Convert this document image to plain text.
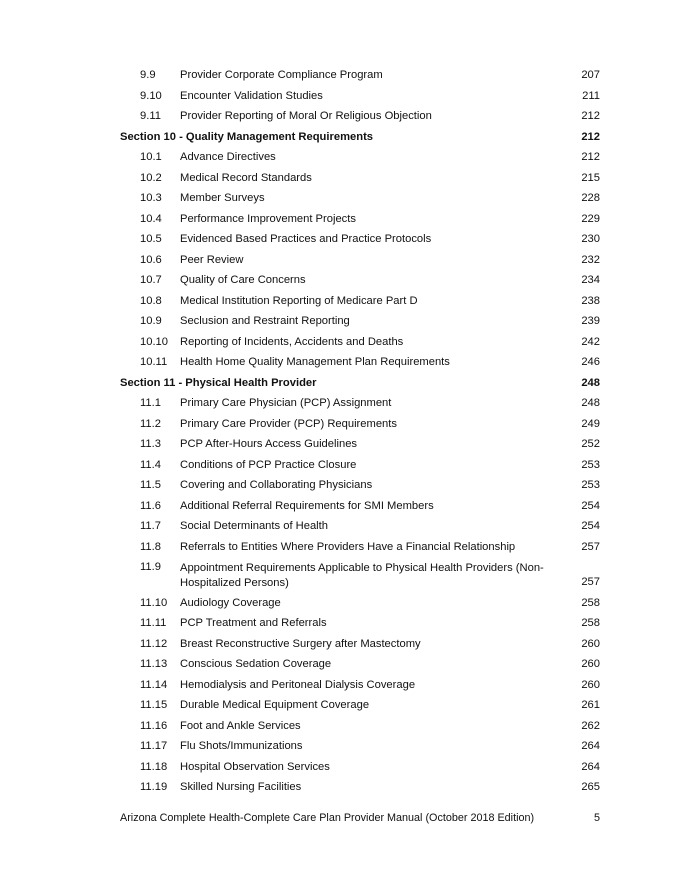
9.9 Provider Corporate Compliance Program	207
9.10 Encounter Validation Studies	211
9.11 Provider Reporting of Moral Or Religious Objection	212
Section 10 - Quality Management Requirements	212
10.1 Advance Directives	212
10.2 Medical Record Standards	215
10.3 Member Surveys	228
10.4 Performance Improvement Projects	229
10.5 Evidenced Based Practices and Practice Protocols	230
10.6 Peer Review	232
10.7 Quality of Care Concerns	234
10.8 Medical Institution Reporting of Medicare Part D	238
10.9 Seclusion and Restraint Reporting	239
10.10 Reporting of Incidents, Accidents and Deaths	242
10.11 Health Home Quality Management Plan Requirements	246
Section 11 - Physical Health Provider	248
11.1 Primary Care Physician (PCP) Assignment	248
11.2 Primary Care Provider (PCP) Requirements	249
11.3 PCP After-Hours Access Guidelines	252
11.4 Conditions of PCP Practice Closure	253
11.5 Covering and Collaborating Physicians	253
11.6 Additional Referral Requirements for SMI Members	254
11.7 Social Determinants of Health	254
11.8 Referrals to Entities Where Providers Have a Financial Relationship	257
11.9 Appointment Requirements Applicable to Physical Health Providers (Non-Hospitalized Persons)	257
11.10 Audiology Coverage	258
11.11 PCP Treatment and Referrals	258
11.12 Breast Reconstructive Surgery after Mastectomy	260
11.13 Conscious Sedation Coverage	260
11.14 Hemodialysis and Peritoneal Dialysis Coverage	260
11.15 Durable Medical Equipment Coverage	261
11.16 Foot and Ankle Services	262
11.17 Flu Shots/Immunizations	264
11.18 Hospital Observation Services	264
11.19 Skilled Nursing Facilities	265
Arizona Complete Health-Complete Care Plan Provider Manual (October 2018 Edition)	5
